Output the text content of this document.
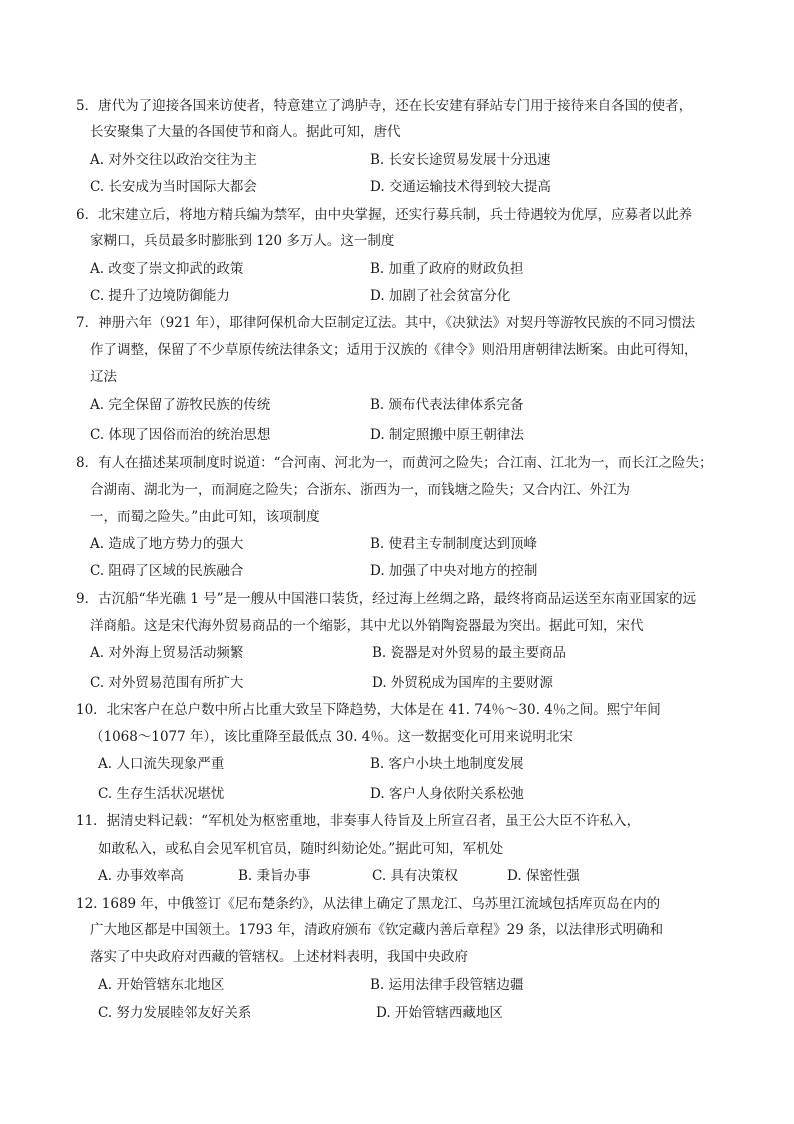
5．唐代为了迎接各国来访使者，特意建立了鸿胪寺，还在长安建有驿站专门用于接待来自各国的使者，
长安聚集了大量的各国使节和商人。据此可知，唐代
A. 对外交往以政治交往为主	B. 长安长途贸易发展十分迅速
C. 长安成为当时国际大都会	D. 交通运输技术得到较大提高
6．北宋建立后，将地方精兵编为禁军，由中央掌握，还实行募兵制，兵士待遇较为优厚，应募者以此养
家糊口，兵员最多时膨胀到 120 多万人。这一制度
A. 改变了崇文抑武的政策	B. 加重了政府的财政负担
C. 提升了边境防御能力	D. 加剧了社会贫富分化
7．神册六年（921 年），耶律阿保机命大臣制定辽法。其中，《决狱法》对契丹等游牧民族的不同习惯法
作了调整，保留了不少草原传统法律条文；适用于汉族的《律令》则沿用唐朝律法断案。由此可得知，
辽法
A. 完全保留了游牧民族的传统	B. 颁布代表法律体系完备
C. 体现了因俗而治的统治思想	D. 制定照搬中原王朝律法
8．有人在描述某项制度时说道：“合河南、河北为一，而黄河之险失；合江南、江北为一，而长江之险失；
合湖南、湖北为一，而洞庭之险失；合浙东、浙西为一，而钱塘之险失；又合内江、外江为
一，而蜀之险失。”由此可知，该项制度
A. 造成了地方势力的强大	B. 使君主专制制度达到顶峰
C. 阻碍了区域的民族融合	D. 加强了中央对地方的控制
9．古沉船“华光礁 1 号”是一艘从中国港口装货，经过海上丝绸之路，最终将商品运送至东南亚国家的远
洋商船。这是宋代海外贸易商品的一个缩影，其中尤以外销陶瓷器最为突出。据此可知，宋代
A. 对外海上贸易活动频繁	B. 瓷器是对外贸易的最主要商品
C. 对外贸易范围有所扩大	D. 外贸税成为国库的主要财源
10．北宋客户在总户数中所占比重大致呈下降趋势，大体是在 41. 74％～30. 4％之间。熙宁年间
（1068～1077 年），该比重降至最低点 30. 4％。这一数据变化可用来说明北宋
A. 人口流失现象严重	B. 客户小块土地制度发展
C. 生存生活状况堪忧	D. 客户人身依附关系松弛
11．据清史料记载：“军机处为枢密重地，非奏事人待旨及上所宣召者，虽王公大臣不许私入，
如敢私入，或私自会见军机官员，随时纠劾论处。”据此可知，军机处
A. 办事效率高	B. 秉旨办事	C. 具有决策权	D. 保密性强
12. 1689 年，中俄签订《尼布楚条约》，从法律上确定了黑龙江、乌苏里江流域包括库页岛在内的
广大地区都是中国领土。1793 年，清政府颁布《钦定藏内善后章程》29 条，以法律形式明确和
落实了中央政府对西藏的管辖权。上述材料表明，我国中央政府
A. 开始管辖东北地区	B. 运用法律手段管辖边疆
C. 努力发展睦邻友好关系	D. 开始管辖西藏地区
